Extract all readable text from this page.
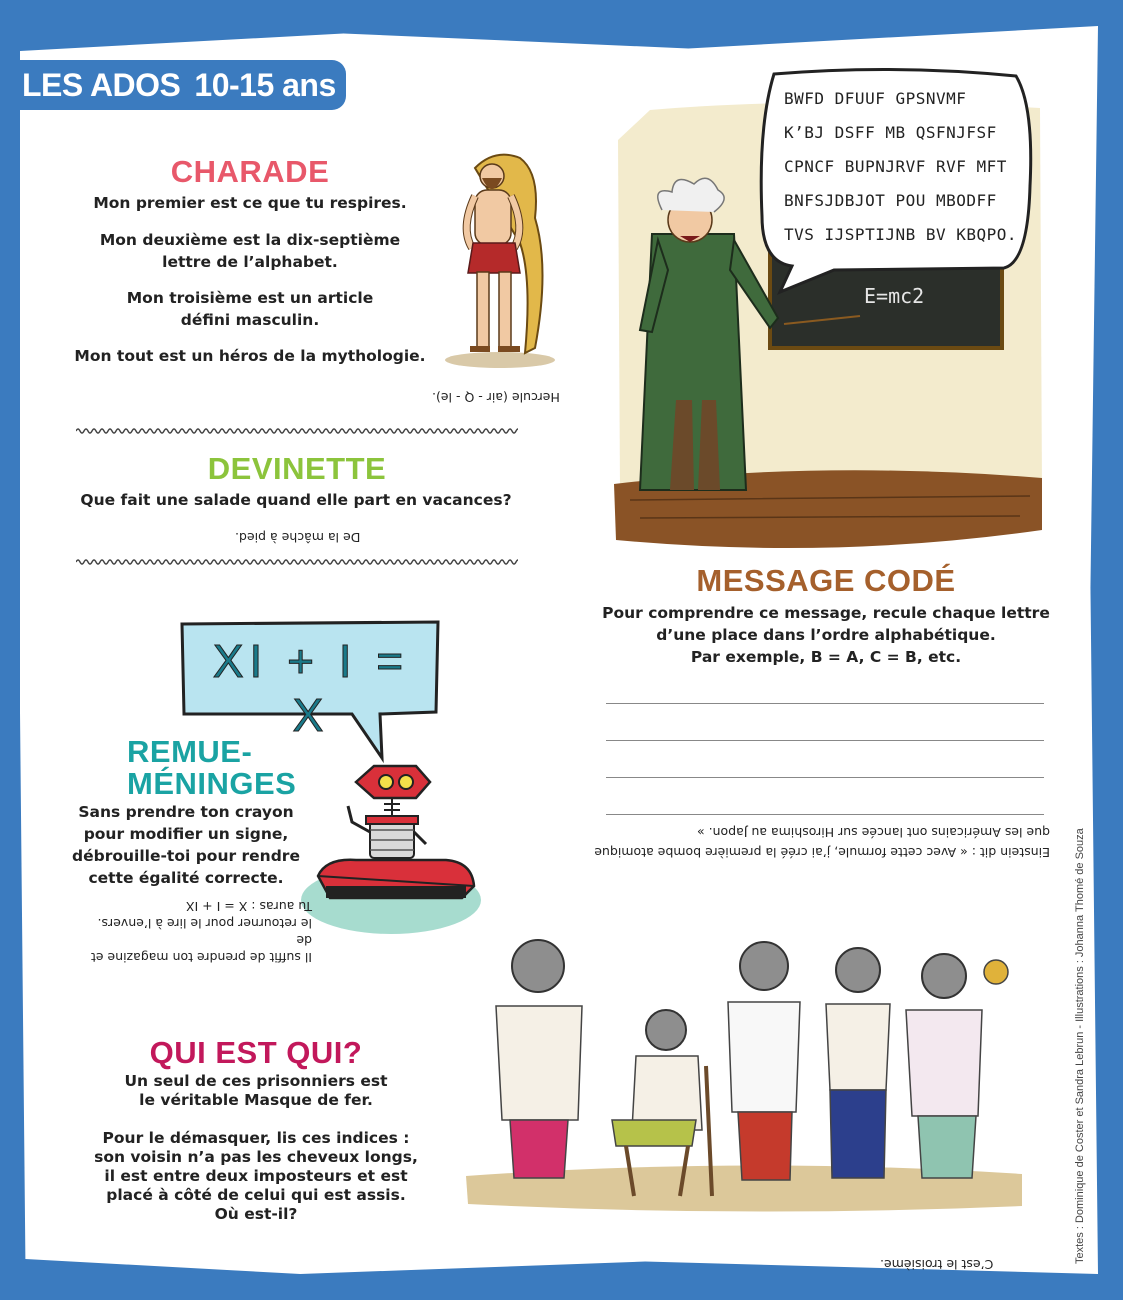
LES ADOS 10-15 ans
CHARADE
Mon premier est ce que tu respires.
Mon deuxième est la dix-septième
lettre de l’alphabet.
Mon troisième est un article
défini masculin.
Mon tout est un héros de la mythologie.
Hercule (air - Q - le).
DEVINETTE
Que fait une salade quand elle part en vacances?
De la mâche à pied.
XI + I = X
REMUE-
MÉNINGES
Sans prendre ton crayon
pour modifier un signe,
débrouille-toi pour rendre
cette égalité correcte.
Il suffit de prendre ton magazine et de
le retourner pour le lire à l’envers.
Tu auras : X = I + IX
BWFD DFUUF GPSNVMF
K’BJ DSFF MB QSFNJFSF
CPNCF BUPNJRVF RVF MFT
BNFSJDBJOT POU MBODFF
TVS IJSPTIJNB BV KBQPO.
E=mc2
MESSAGE CODÉ
Pour comprendre ce message, recule chaque lettre
d’une place dans l’ordre alphabétique.
Par exemple, B = A, C = B, etc.
Einstein dit : « Avec cette formule, j’ai créé la première bombe atomique
que les Américains ont lancée sur Hiroshima au Japon. »
QUI EST QUI?
Un seul de ces prisonniers est
le véritable Masque de fer.
Pour le démasquer, lis ces indices :
son voisin n’a pas les cheveux longs,
il est entre deux imposteurs et est
placé à côté de celui qui est assis.
Où est-il?
C’est le troisième.
Textes : Dominique de Coster et Sandra Lebrun - Illustrations : Johanna Thomé de Souza
